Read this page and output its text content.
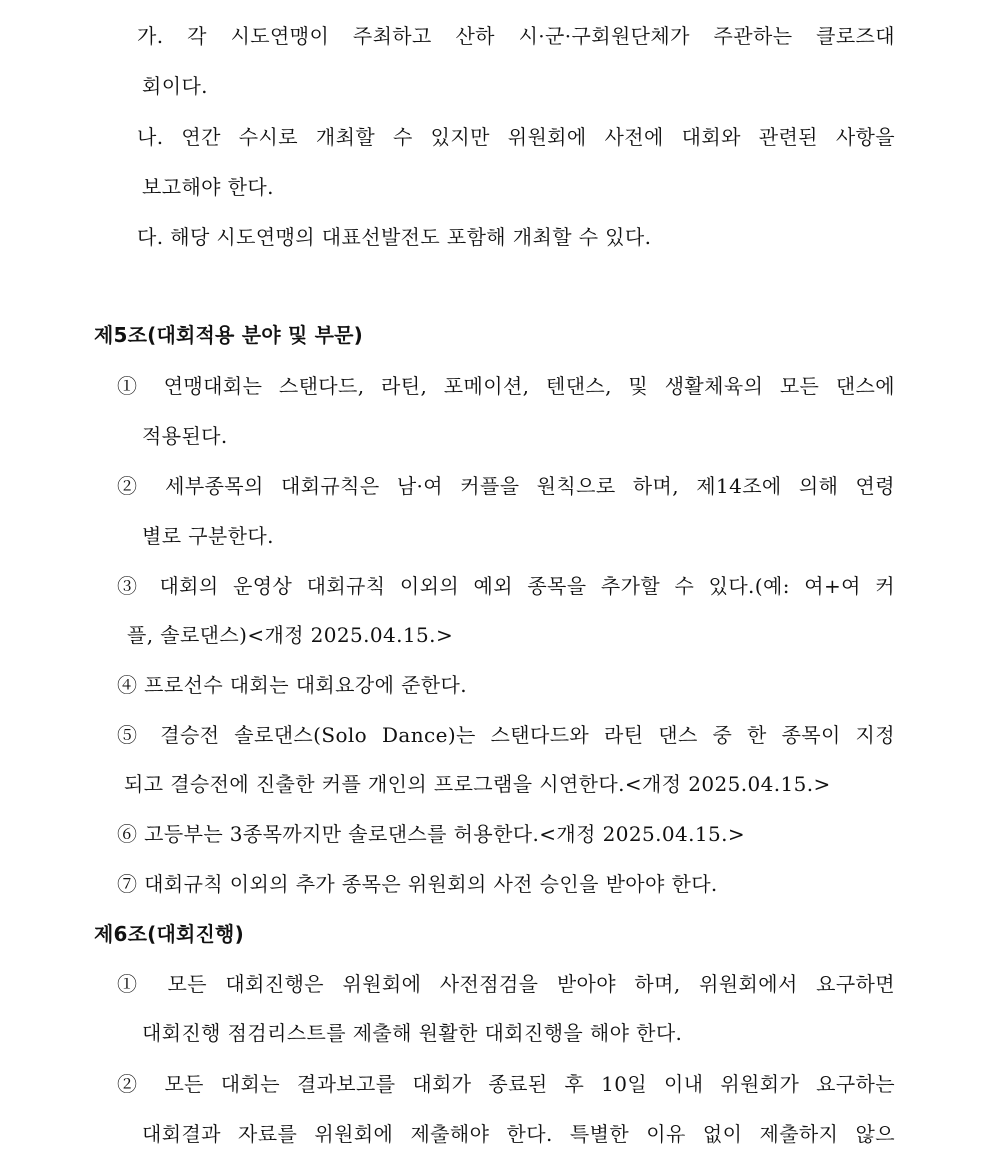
가. 각 시도연맹이 주최하고 산하 시·군·구회원단체가 주관하는 클로즈대
회이다.
나. 연간 수시로 개최할 수 있지만 위원회에 사전에 대회와 관련된 사항을
보고해야 한다.
다. 해당 시도연맹의 대표선발전도 포함해 개최할 수 있다.
제5조(대회적용 분야 및 부문)
① 연맹대회는 스탠다드, 라틴, 포메이션, 텐댄스, 및 생활체육의 모든 댄스에
적용된다.
② 세부종목의 대회규칙은 남·여 커플을 원칙으로 하며, 제14조에 의해 연령
별로 구분한다.
③ 대회의 운영상 대회규칙 이외의 예외 종목을 추가할 수 있다.(예: 여+여 커
플, 솔로댄스)<개정 2025.04.15.>
④ 프로선수 대회는 대회요강에 준한다.
⑤ 결승전 솔로댄스(Solo Dance)는 스탠다드와 라틴 댄스 중 한 종목이 지정
되고 결승전에 진출한 커플 개인의 프로그램을 시연한다.<개정 2025.04.15.>
⑥ 고등부는 3종목까지만 솔로댄스를 허용한다.<개정 2025.04.15.>
⑦ 대회규칙 이외의 추가 종목은 위원회의 사전 승인을 받아야 한다.
제6조(대회진행)
① 모든 대회진행은 위원회에 사전점검을 받아야 하며, 위원회에서 요구하면
대회진행 점검리스트를 제출해 원활한 대회진행을 해야 한다.
② 모든 대회는 결과보고를 대회가 종료된 후 10일 이내 위원회가 요구하는
대회결과 자료를 위원회에 제출해야 한다. 특별한 이유 없이 제출하지 않으
